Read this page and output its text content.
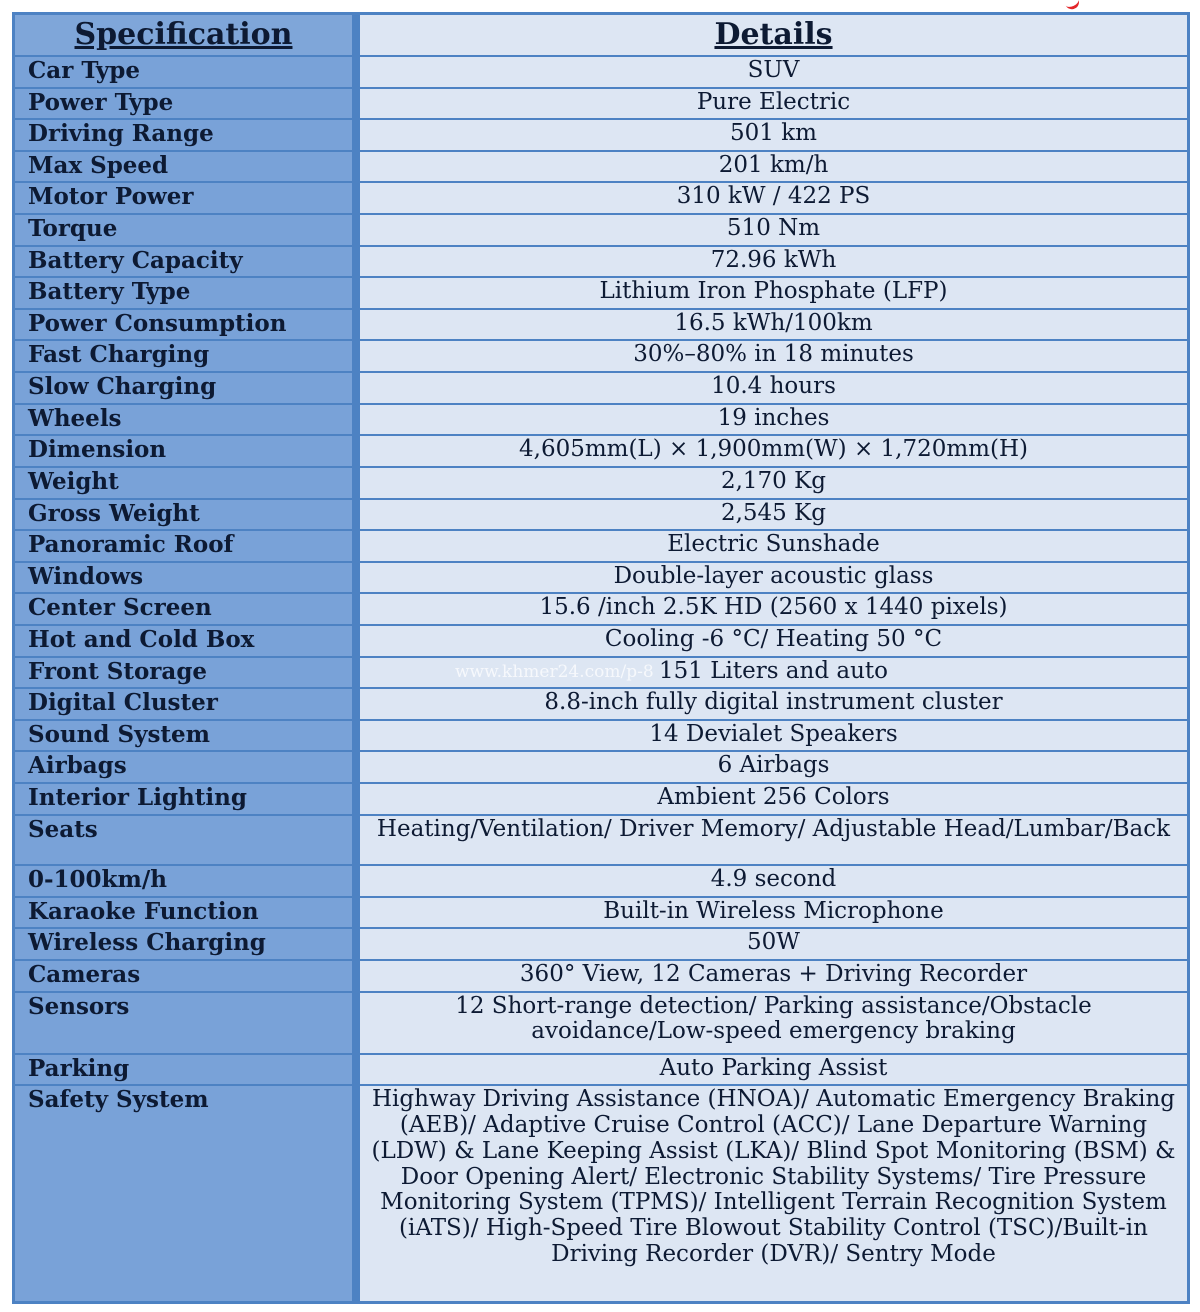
Specification	Details
Car Type	SUV
Power Type	Pure Electric
Driving Range	501 km
Max Speed	201 km/h
Motor Power	310 kW / 422 PS
Torque	510 Nm
Battery Capacity	72.96 kWh
Battery Type	Lithium Iron Phosphate (LFP)
Power Consumption	16.5 kWh/100km
Fast Charging	30%–80% in 18 minutes
Slow Charging	10.4 hours
Wheels	19 inches
Dimension	4,605mm(L) × 1,900mm(W) × 1,720mm(H)
Weight	2,170 Kg
Gross Weight	2,545 Kg
Panoramic Roof	Electric Sunshade
Windows	Double-layer acoustic glass
Center Screen	15.6 /inch 2.5K HD (2560 x 1440 pixels)
Hot and Cold Box	Cooling -6 °C/ Heating 50 °C
Front Storage	151 Liters and auto
Digital Cluster	8.8-inch fully digital instrument cluster
Sound System	14 Devialet Speakers
Airbags	6 Airbags
Interior Lighting	Ambient 256 Colors
Seats	Heating/Ventilation/ Driver Memory/ Adjustable Head/Lumbar/Back
0-100km/h	4.9 second
Karaoke Function	Built-in Wireless Microphone
Wireless Charging	50W
Cameras	360° View, 12 Cameras + Driving Recorder
Sensors	12 Short-range detection/ Parking assistance/Obstacle avoidance/Low-speed emergency braking
Parking	Auto Parking Assist
Safety System	Highway Driving Assistance (HNOA)/ Automatic Emergency Braking (AEB)/ Adaptive Cruise Control (ACC)/ Lane Departure Warning (LDW) & Lane Keeping Assist (LKA)/ Blind Spot Monitoring (BSM) & Door Opening Alert/ Electronic Stability Systems/ Tire Pressure Monitoring System (TPMS)/ Intelligent Terrain Recognition System (iATS)/ High-Speed Tire Blowout Stability Control (TSC)/Built-in Driving Recorder (DVR)/ Sentry Mode
www.khmer24.com/p-8
